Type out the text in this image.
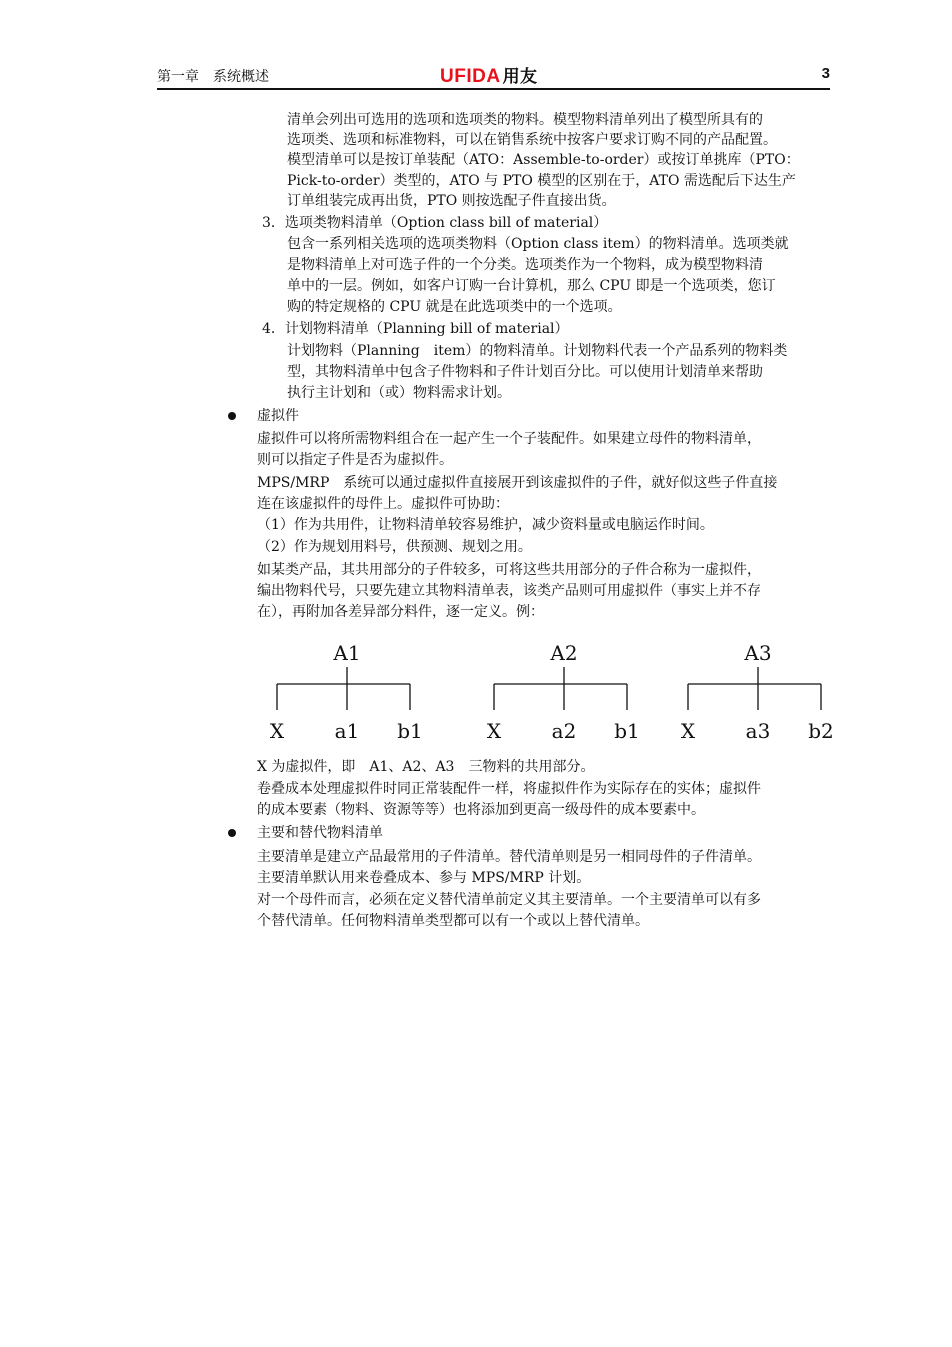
第一章　系统概述	UFIDA 用友	3
清单会列出可选用的选项和选项类的物料。模型物料清单列出了模型所具有的
选项类、选项和标准物料，可以在销售系统中按客户要求订购不同的产品配置。
模型清单可以是按订单装配（ATO：Assemble-to-order）或按订单挑库（PTO：
Pick-to-order）类型的，ATO 与 PTO 模型的区别在于，ATO 需选配后下达生产
订单组装完成再出货，PTO 则按选配子件直接出货。
3．选项类物料清单（Option class bill of material）
包含一系列相关选项的选项类物料（Option class item）的物料清单。选项类就
是物料清单上对可选子件的一个分类。选项类作为一个物料，成为模型物料清
单中的一层。例如，如客户订购一台计算机，那么 CPU 即是一个选项类，您订
购的特定规格的 CPU 就是在此选项类中的一个选项。
4．计划物料清单（Planning bill of material）
计划物料（Planning　item）的物料清单。计划物料代表一个产品系列的物料类
型，其物料清单中包含子件物料和子件计划百分比。可以使用计划清单来帮助
执行主计划和（或）物料需求计划。
虚拟件
虚拟件可以将所需物料组合在一起产生一个子装配件。如果建立母件的物料清单，
则可以指定子件是否为虚拟件。
MPS/MRP　系统可以通过虚拟件直接展开到该虚拟件的子件，就好似这些子件直接
连在该虚拟件的母件上。虚拟件可协助：
（1）作为共用件，让物料清单较容易维护，减少资料量或电脑运作时间。
（2）作为规划用料号，供预测、规划之用。
如某类产品，其共用部分的子件较多，可将这些共用部分的子件合称为一虚拟件，
编出物料代号，只要先建立其物料清单表，该类产品则可用虚拟件（事实上并不存
在），再附加各差异部分料件，逐一定义。例：
A1
X	a1 b1
A2
X	a2 b1
A3
X	a3 b2
X 为虚拟件，即　A1、A2、A3　三物料的共用部分。
卷叠成本处理虚拟件时同正常装配件一样，将虚拟件作为实际存在的实体；虚拟件
的成本要素（物料、资源等等）也将添加到更高一级母件的成本要素中。
主要和替代物料清单
主要清单是建立产品最常用的子件清单。替代清单则是另一相同母件的子件清单。
主要清单默认用来卷叠成本、参与 MPS/MRP 计划。
对一个母件而言，必须在定义替代清单前定义其主要清单。一个主要清单可以有多
个替代清单。任何物料清单类型都可以有一个或以上替代清单。
